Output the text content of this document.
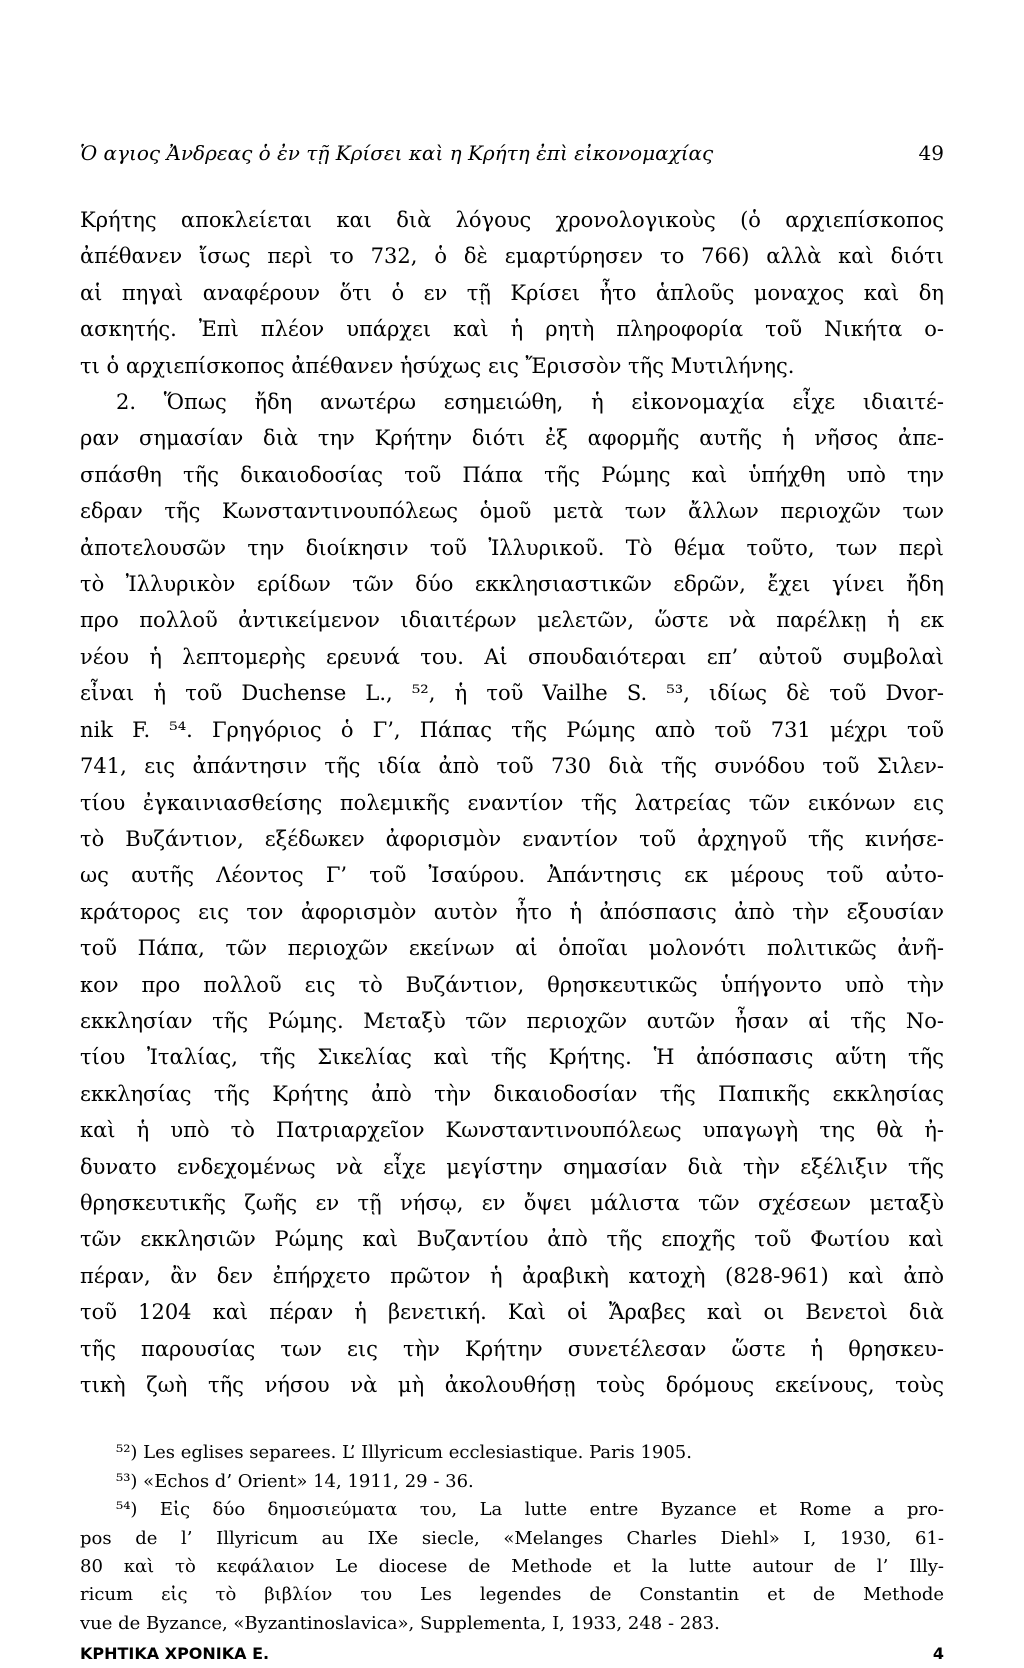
Ὁ αγιος Ἀνδρεας ὁ ἐν τῇ Κρίσει καὶ η Κρήτη ἐπὶ εἰκονομαχίας	49
Κρήτης αποκλείεται και διὰ λόγους χρονολογικοὺς (ὁ αρχιεπίσκοπος
ἀπέθανεν ἴσως περὶ το 732, ὁ δὲ εμαρτύρησεν το 766) αλλὰ καὶ διότι
αἱ πηγαὶ αναφέρουν ὅτι ὁ εν τῇ Κρίσει ἦτο ἁπλοῦς μοναχος καὶ δη
ασκητής. Ἐπὶ πλέον υπάρχει καὶ ἡ ρητὴ πληροφορία τοῦ Νικήτα ο-
τι ὁ αρχιεπίσκοπος ἀπέθανεν ἡσύχως εις Ἔρισσὸν τῆς Μυτιλήνης.
2. Ὅπως ἤδη ανωτέρω εσημειώθη, ἡ εἰκονομαχία εἶχε ιδιαιτέ-
ραν σημασίαν διὰ την Κρήτην διότι ἐξ αφορμῆς αυτῆς ἡ νῆσος ἀπε-
σπάσθη τῆς δικαιοδοσίας τοῦ Πάπα τῆς Ρώμης καὶ ὑπήχθη υπὸ την
εδραν τῆς Κωνσταντινουπόλεως ὁμοῦ μετὰ των ἄλλων περιοχῶν των
ἀποτελουσῶν την διοίκησιν τοῦ Ἰλλυρικοῦ. Τὸ θέμα τοῦτο, των περὶ
τὸ Ἰλλυρικὸν ερίδων τῶν δύο εκκλησιαστικῶν εδρῶν, ἔχει γίνει ἤδη
προ πολλοῦ ἀντικείμενον ιδιαιτέρων μελετῶν, ὥστε νὰ παρέλκῃ ἡ εκ
νέου ἡ λεπτομερὴς ερευνά του. Αἱ σπουδαιότεραι επ’ αὐτοῦ συμβολαὶ
εἶναι ἡ τοῦ Duchense L., ⁵², ἡ τοῦ Vailhe S. ⁵³, ιδίως δὲ τοῦ Dvor-
nik F. ⁵⁴. Γρηγόριος ὁ Γ’, Πάπας τῆς Ρώμης απὸ τοῦ 731 μέχρι τοῦ
741, εις ἀπάντησιν τῆς ιδία ἀπὸ τοῦ 730 διὰ τῆς συνόδου τοῦ Σιλεν-
τίου ἐγκαινιασθείσης πολεμικῆς εναντίον τῆς λατρείας τῶν εικόνων εις
τὸ Βυζάντιον, εξέδωκεν ἀφορισμὸν εναντίον τοῦ ἀρχηγοῦ τῆς κινήσε-
ως αυτῆς Λέοντος Γ’ τοῦ Ἰσαύρου. Ἀπάντησις εκ μέρους τοῦ αὐτο-
κράτορος εις τον ἀφορισμὸν αυτὸν ἦτο ἡ ἀπόσπασις ἀπὸ τὴν εξουσίαν
τοῦ Πάπα, τῶν περιοχῶν εκείνων αἱ ὁποῖαι μολονότι πολιτικῶς ἀνῆ-
κον προ πολλοῦ εις τὸ Βυζάντιον, θρησκευτικῶς ὑπήγοντο υπὸ τὴν
εκκλησίαν τῆς Ρώμης. Μεταξὺ τῶν περιοχῶν αυτῶν ἦσαν αἱ τῆς Νο-
τίου Ἰταλίας, τῆς Σικελίας καὶ τῆς Κρήτης. Ἡ ἀπόσπασις αὕτη τῆς
εκκλησίας τῆς Κρήτης ἀπὸ τὴν δικαιοδοσίαν τῆς Παπικῆς εκκλησίας
καὶ ἡ υπὸ τὸ Πατριαρχεῖον Κωνσταντινουπόλεως υπαγωγὴ της θὰ ἠ-
δυνατο ενδεχομένως νὰ εἶχε μεγίστην σημασίαν διὰ τὴν εξέλιξιν τῆς
θρησκευτικῆς ζωῆς εν τῇ νήσῳ, εν ὄψει μάλιστα τῶν σχέσεων μεταξὺ
τῶν εκκλησιῶν Ρώμης καὶ Βυζαντίου ἀπὸ τῆς εποχῆς τοῦ Φωτίου καὶ
πέραν, ἂν δεν ἐπήρχετο πρῶτον ἡ ἀραβικὴ κατοχὴ (828-961) καὶ ἀπὸ
τοῦ 1204 καὶ πέραν ἡ βενετική. Καὶ οἱ Ἄραβες καὶ οι Βενετοὶ διὰ
τῆς παρουσίας των εις τὴν Κρήτην συνετέλεσαν ὥστε ἡ θρησκευ-
τικὴ ζωὴ τῆς νήσου νὰ μὴ ἀκολουθήσῃ τοὺς δρόμους εκείνους, τοὺς
⁵²) Les eglises separees. L’ Illyricum ecclesiastique. Paris 1905.
⁵³) «Echos d’ Orient» 14, 1911, 29 - 36.
⁵⁴) Εἰς δύο δημοσιεύματα του, La lutte entre Byzance et Rome a pro-
pos de l’ Illyricum au IXe siecle, «Melanges Charles Diehl» I, 1930, 61-
80 καὶ τὸ κεφάλαιον Le diocese de Methode et la lutte autour de l’ Illy-
ricum εἰς τὸ βιβλίον του Les legendes de Constantin et de Methode
vue de Byzance, «Byzantinoslavica», Supplementa, I, 1933, 248 - 283.
ΚΡΗΤΙΚΑ ΧΡΟΝΙΚΑ Ε.	4
